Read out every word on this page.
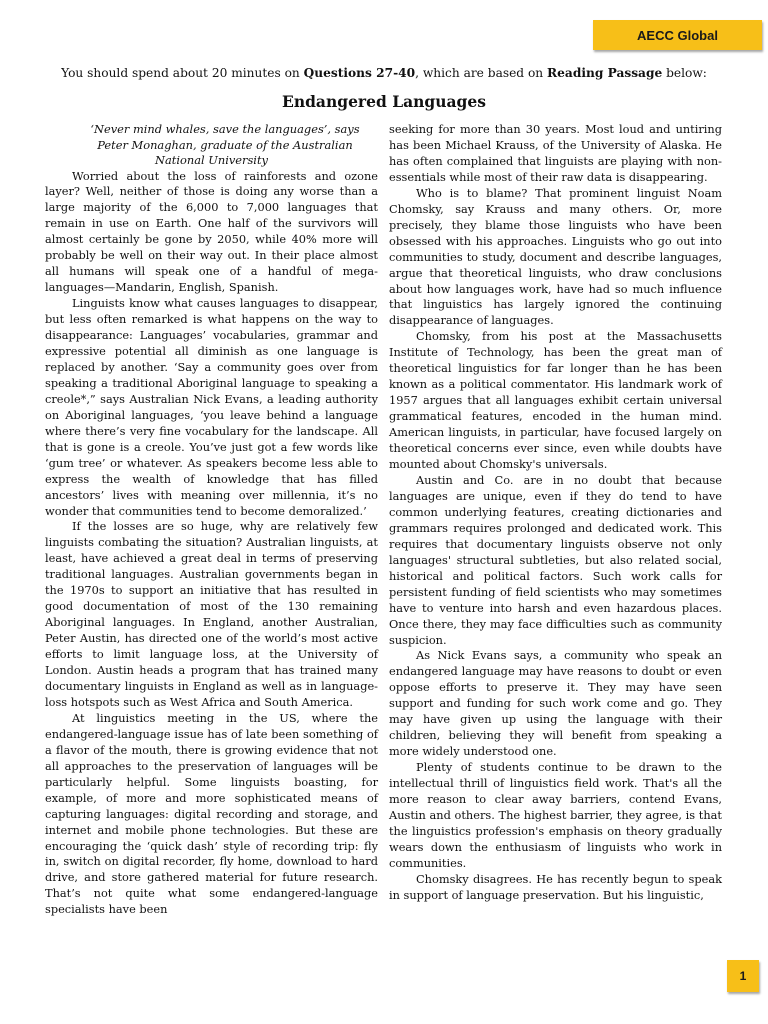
AECC Global
You should spend about 20 minutes on Questions 27-40, which are based on Reading Passage below:
Endangered Languages

‘Never mind whales, save the languages’, says

Peter Monaghan, graduate of the Australian National University

Worried about the loss of rainforests and ozone layer? Well, neither of those is doing any worse than a large majority of the 6,000 to 7,000 languages that remain in use on Earth. One half of the survivors will almost certainly be gone by 2050, while 40% more will probably be well on their way out. In their place almost all humans will speak one of a handful of mega-languages—Mandarin, English, Spanish.

Linguists know what causes languages to disappear, but less often remarked is what happens on the way to disappearance: Languages’ vocabularies, grammar and expressive potential all diminish as one language is replaced by another. ‘Say a community goes over from speaking a traditional Aboriginal language to speaking a creole*,” says Australian Nick Evans, a leading authority on Aboriginal languages, ‘you leave behind a language where there’s very fine vocabulary for the landscape. All that is gone is a creole. You’ve just got a few words like ‘gum tree’ or whatever. As speakers become less able to express the wealth of knowledge that has filled ancestors’ lives with meaning over millennia, it’s no wonder that communities tend to become demoralized.’

If the losses are so huge, why are relatively few linguists combating the situation? Australian linguists, at least, have achieved a great deal in terms of preserving traditional languages. Australian governments began in the 1970s to support an initiative that has resulted in good documentation of most of the 130 remaining Aboriginal languages. In England, another Australian, Peter Austin, has directed one of the world’s most active efforts to limit language loss, at the University of London. Austin heads a program that has trained many documentary linguists in England as well as in language-loss hotspots such as West Africa and South America.

At linguistics meeting in the US, where the endangered-language issue has of late been something of a flavor of the mouth, there is growing evidence that not all approaches to the preservation of languages will be particularly helpful. Some linguists boasting, for example, of more and more sophisticated means of capturing languages: digital recording and storage, and internet and mobile phone technologies. But these are encouraging the ‘quick dash’ style of recording trip: fly in, switch on digital recorder, fly home, download to hard drive, and store gathered material for future research. That’s not quite what some endangered-language specialists have been

seeking for more than 30 years. Most loud and untiring has been Michael Krauss, of the University of Alaska. He has often complained that linguists are playing with non-essentials while most of their raw data is disappearing.

Who is to blame? That prominent linguist Noam Chomsky, say Krauss and many others. Or, more precisely, they blame those linguists who have been obsessed with his approaches. Linguists who go out into communities to study, document and describe languages, argue that theoretical linguists, who draw conclusions about how languages work, have had so much influence that linguistics has largely ignored the continuing disappearance of languages.

Chomsky, from his post at the Massachusetts Institute of Technology, has been the great man of theoretical linguistics for far longer than he has been known as a political commentator. His landmark work of 1957 argues that all languages exhibit certain universal grammatical features, encoded in the human mind. American linguists, in particular, have focused largely on theoretical concerns ever since, even while doubts have mounted about Chomsky's universals.

Austin and Co. are in no doubt that because languages are unique, even if they do tend to have common underlying features, creating dictionaries and grammars requires prolonged and dedicated work. This requires that documentary linguists observe not only languages' structural subtleties, but also related social, historical and political factors. Such work calls for persistent funding of field scientists who may sometimes have to venture into harsh and even hazardous places. Once there, they may face difficulties such as community suspicion.

As Nick Evans says, a community who speak an endangered language may have reasons to doubt or even oppose efforts to preserve it. They may have seen support and funding for such work come and go. They may have given up using the language with their children, believing they will benefit from speaking a more widely understood one.

Plenty of students continue to be drawn to the intellectual thrill of linguistics field work. That's all the more reason to clear away barriers, contend Evans, Austin and others. The highest barrier, they agree, is that the linguistics profession's emphasis on theory gradually wears down the enthusiasm of linguists who work in communities.

Chomsky disagrees. He has recently begun to speak in support of language preservation. But his linguistic,

1
